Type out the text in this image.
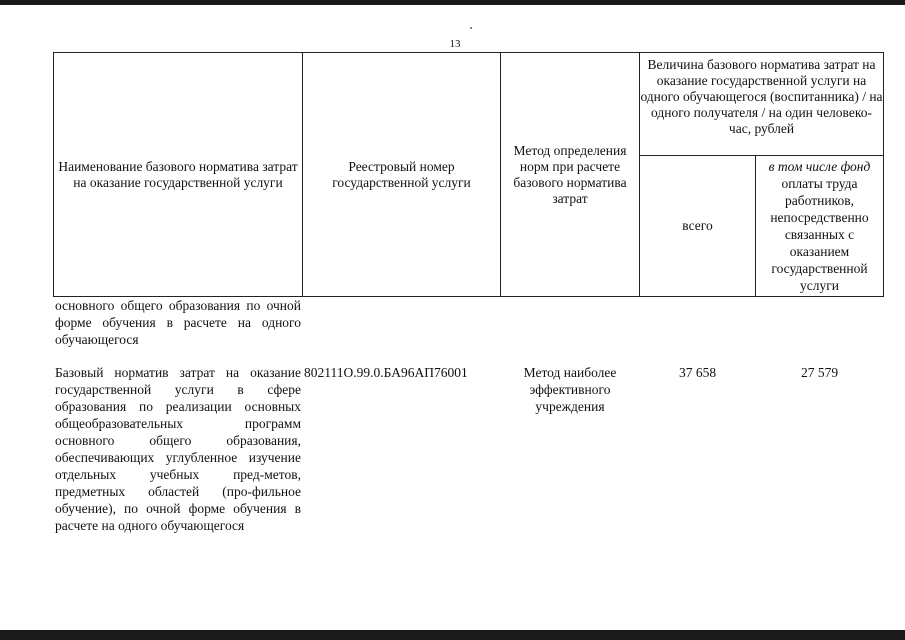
13
Наименование базового норматива затрат на оказание государственной услуги
Реестровый номер государственной услуги
Метод определения норм при расчете базового норматива затрат
Величина базового норматива затрат на оказание государственной услуги на одного обучающегося (воспитанника) / на одного получателя / на один человеко-час, рублей
всего
в том числе фонд оплаты труда работников, непосредственно связанных с оказанием государственной услуги
основного общего образования по очной форме обучения в расчете на одного обучающегося
Базовый норматив затрат на оказание государственной услуги в сфере образования по реализации основных общеобразовательных программ основного общего образования, обеспечивающих углубленное изучение отдельных учебных пред-метов, предметных областей (про-фильное обучение), по очной форме обучения в расчете на одного обучающегося
802111О.99.0.БА96АП76001	Метод наиболее эффективного учреждения
37 658	27 579
